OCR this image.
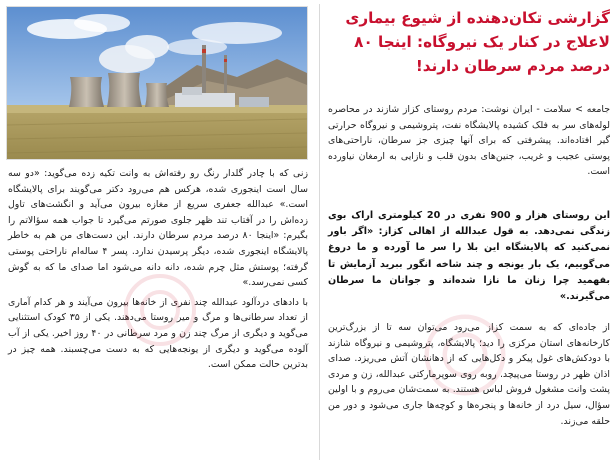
زنی که با چادر گلدار رنگ رو رفته‌اش به وانت تکیه زده می‌گوید: «دو سه سال است اینجوری شده، هرکس هم می‌رود دکتر می‌گویند برای پالایشگاه است.» عبدالله جعفری سریع از مغازه بیرون می‌آید و انگشت‌های تاول زده‌اش را در آفتاب تند ظهر جلوی صورتم می‌گیرد تا جواب همه سؤالاتم را بگیرم: «اینجا ۸۰ درصد مردم سرطان دارند. این دست‌های من هم به خاطر پالایشگاه اینجوری شده، دیگر پرسیدن ندارد. پسر ۴ ساله‌ام ناراحتی پوستی گرفته؛ پوستش مثل چرم شده، دانه دانه می‌شود اما صدای ما که به گوش کسی نمی‌رسد.»

با دادهای دردآلود عبدالله چند نفری از خانه‌ها بیرون می‌آیند و هر کدام آماری از تعداد سرطانی‌ها و مرگ و میر روستا می‌دهند. یکی از ۳۵ کودک استثنایی می‌گوید و دیگری از مرگ چند زن و مرد سرطانی در ۴۰ روز اخیر. یکی از آب آلوده می‌گوید و دیگری از یونجه‌هایی که به دست می‌چسبند. همه چیز در بدترین حالت ممکن است.

گزارشی تکان‌دهنده از شیوع بیماری لاعلاج در کنار یک نیروگاه: اینجا ۸۰ درصد مردم سرطان دارند!

جامعه > سلامت - ایران نوشت: مردم روستای کزاز شازند در محاصره لوله‌های سر به فلک کشیده پالایشگاه نفت، پتروشیمی و نیروگاه حرارتی گیر افتاده‌اند. پیشرفتی که برای آنها چیزی جز سرطان، ناراحتی‌های پوستی عجیب و غریب، جنین‌های بدون قلب و نازایی به ارمغان نیاورده است.

این روستای هزار و 900 نفری در 20 کیلومتری اراک بوی زندگی نمی‌دهد. به قول عبدالله از اهالی کزاز: «اگر باور نمی‌کنید که پالایشگاه این بلا را سر ما آورده و ما دروغ می‌گوییم، یک بار یونجه و چند شاخه انگور ببرید آزمایش تا بفهمید چرا زنان ما نازا شده‌اند و جوانان ما سرطان می‌گیرند.»

از جاده‌ای که به سمت کزاز می‌رود می‌توان سه تا از بزرگ‌ترین کارخانه‌های استان مرکزی را دید؛ پالایشگاه، پتروشیمی و نیروگاه شازند با دودکش‌های غول پیکر و دکل‌هایی که از دهانشان آتش می‌ریزد. صدای اذان ظهر در روستا می‌پیچد. روبه روی سوپرمارکتی عبدالله، زن و مردی پشت وانت مشغول فروش لباس هستند. به سمت‌شان می‌روم و با اولین سؤال، سیل درد از خانه‌ها و پنجره‌ها و کوچه‌ها جاری می‌شود و دور من حلقه می‌زند.
